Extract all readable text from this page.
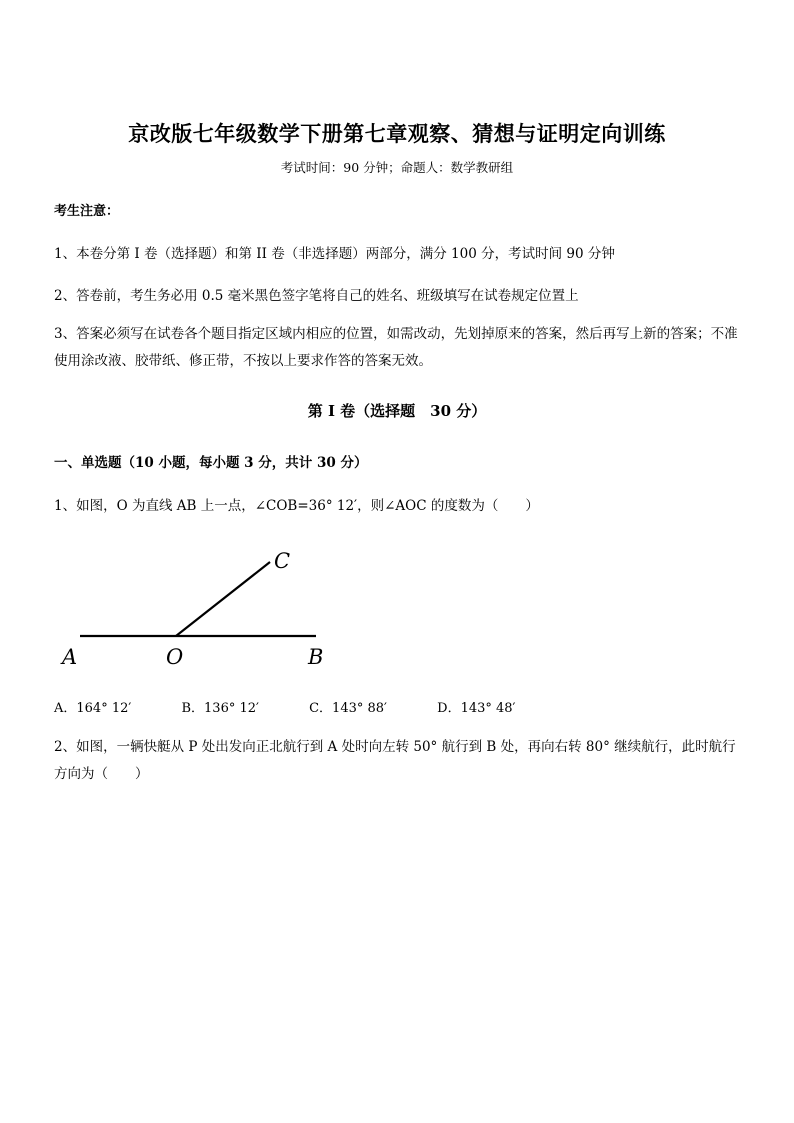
京改版七年级数学下册第七章观察、猜想与证明定向训练
考试时间：90 分钟；命题人：数学教研组
考生注意：
1、本卷分第 I 卷（选择题）和第 II 卷（非选择题）两部分，满分 100 分，考试时间 90 分钟
2、答卷前，考生务必用 0.5 毫米黑色签字笔将自己的姓名、班级填写在试卷规定位置上
3、答案必须写在试卷各个题目指定区域内相应的位置，如需改动，先划掉原来的答案，然后再写上新的答案；不准使用涂改液、胶带纸、修正带，不按以上要求作答的答案无效。
第 I 卷（选择题　30 分）
一、单选题（10 小题，每小题 3 分，共计 30 分）
1、如图，O 为直线 AB 上一点，∠COB=36° 12′，则∠AOC 的度数为（　　）
A	O	B
C
A．164° 12′	B．136° 12′	C．143° 88′	D．143° 48′
2、如图，一辆快艇从 P 处出发向正北航行到 A 处时向左转 50° 航行到 B 处，再向右转 80° 继续航行，此时航行方向为（　　）
